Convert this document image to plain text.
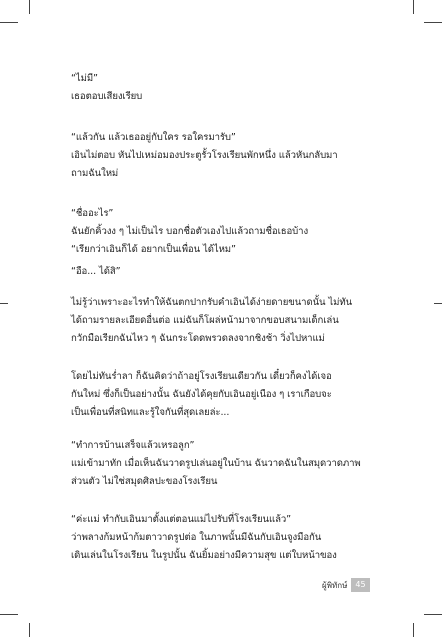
“ไม่มี”
เธอตอบเสียงเรียบ
“แล้วกัน แล้วเธออยู่กับใคร รอใครมารับ”
เอินไม่ตอบ หันไปเหม่อมองประตูรั้วโรงเรียนพักหนึ่ง แล้วหันกลับมา
ถามฉันใหม่
“ชื่ออะไร”
ฉันยักคิ้วงง ๆ ไม่เป็นไร บอกชื่อตัวเองไปแล้วถามชื่อเธอบ้าง
“เรียกว่าเอินก็ได้ อยากเป็นเพื่อน ได้ไหม”
“อือ... ได้สิ”
ไม่รู้ว่าเพราะอะไรทำให้ฉันตกปากรับคำเอินได้ง่ายดายขนาดนั้น ไม่ทัน
ได้ถามรายละเอียดอื่นต่อ แม่ฉันก็โผล่หน้ามาจากขอบสนามเด็กเล่น
กวักมือเรียกฉันไหว ๆ ฉันกระโดดพรวดลงจากชิงช้า วิ่งไปหาแม่
โดยไม่ทันร่ำลา ก็ฉันคิดว่าถ้าอยู่โรงเรียนเดียวกัน เดี๋ยวก็คงได้เจอ
กันใหม่ ซึ่งก็เป็นอย่างนั้น ฉันยังได้คุยกับเอินอยู่เนือง ๆ เราเกือบจะ
เป็นเพื่อนที่สนิทและรู้ใจกันที่สุดเลยล่ะ...
“ทำการบ้านเสร็จแล้วเหรอลูก”
แม่เข้ามาทัก เมื่อเห็นฉันวาดรูปเล่นอยู่ในบ้าน ฉันวาดฉันในสมุดวาดภาพ
ส่วนตัว ไม่ใช่สมุดศิลปะของโรงเรียน
“ค่ะแม่ ทำกับเอินมาตั้งแต่ตอนแม่ไปรับที่โรงเรียนแล้ว”
ว่าพลางก้มหน้าก้มตาวาดรูปต่อ ในภาพนั้นมีฉันกับเอินจูงมือกัน
เดินเล่นในโรงเรียน ในรูปนั้น ฉันยิ้มอย่างมีความสุข แต่ใบหน้าของ
ผู้พิทักษ์	45
